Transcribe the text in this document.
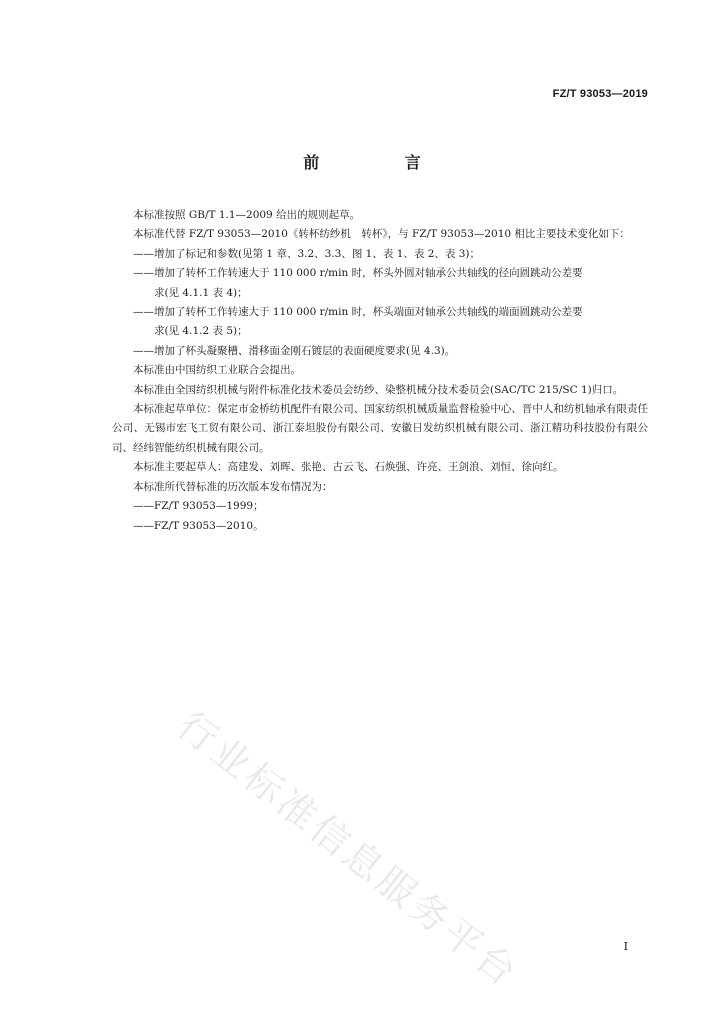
FZ/T 93053—2019
前 言

本标准按照 GB/T 1.1—2009 给出的规则起草。

本标准代替 FZ/T 93053—2010《转杯纺纱机　转杯》，与 FZ/T 93053—2010 相比主要技术变化如下：

——增加了标记和参数(见第 1 章、3.2、3.3、图 1、表 1、表 2、表 3)；

——增加了转杯工作转速大于 110 000 r/min 时，杯头外圆对轴承公共轴线的径向圆跳动公差要
求(见 4.1.1 表 4)；

——增加了转杯工作转速大于 110 000 r/min 时，杯头端面对轴承公共轴线的端面圆跳动公差要
求(见 4.1.2 表 5)；

——增加了杯头凝聚槽、滑移面金刚石镀层的表面硬度要求(见 4.3)。

本标准由中国纺织工业联合会提出。

本标准由全国纺织机械与附件标准化技术委员会纺纱、染整机械分技术委员会(SAC/TC 215/SC 1)归口。

本标准起草单位：保定市金桥纺机配件有限公司、国家纺织机械质量监督检验中心、晋中人和纺机轴承有限责任公司、无锡市宏飞工贸有限公司、浙江泰坦股份有限公司、安徽日发纺织机械有限公司、浙江精功科技股份有限公司、经纬智能纺织机械有限公司。

本标准主要起草人：高建发、刘晖、张艳、古云飞、石焕强、许亮、王剑浪、刘恒、徐向红。

本标准所代替标准的历次版本发布情况为：

——FZ/T 93053—1999；

——FZ/T 93053—2010。

行业标准信息服务平台	I
